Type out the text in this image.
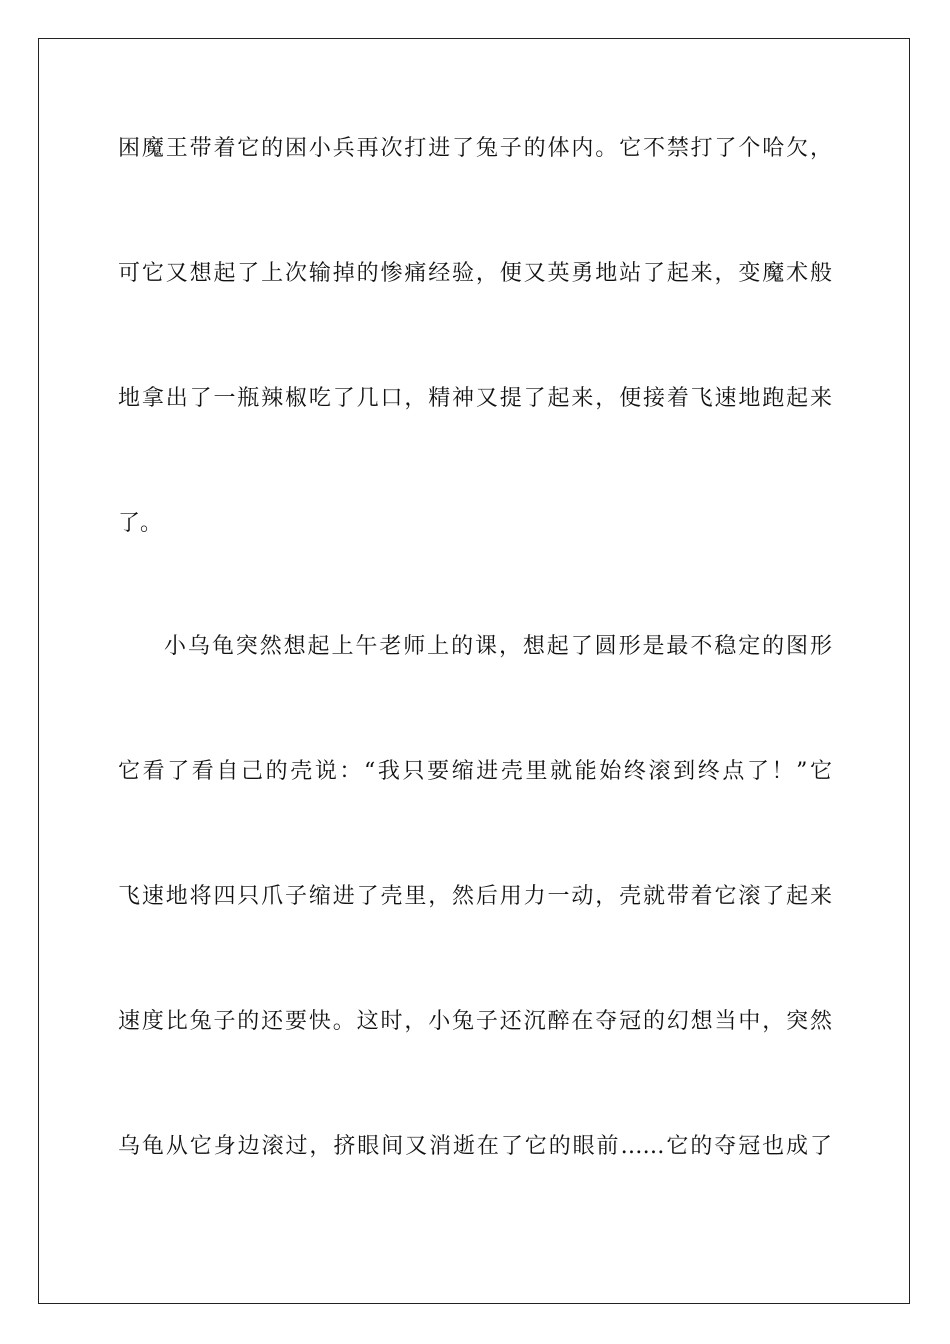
困魔王带着它的困小兵再次打进了兔子的体内。它不禁打了个哈欠，
可它又想起了上次输掉的惨痛经验，便又英勇地站了起来，变魔术般
地拿出了一瓶辣椒吃了几口，精神又提了起来，便接着飞速地跑起来
了。
小乌龟突然想起上午老师上的课，想起了圆形是最不稳定的图形
它看了看自己的壳说：“我只要缩进壳里就能始终滚到终点了！”它
飞速地将四只爪子缩进了壳里，然后用力一动，壳就带着它滚了起来
速度比兔子的还要快。这时，小兔子还沉醉在夺冠的幻想当中，突然
乌龟从它身边滚过，挤眼间又消逝在了它的眼前……它的夺冠也成了
